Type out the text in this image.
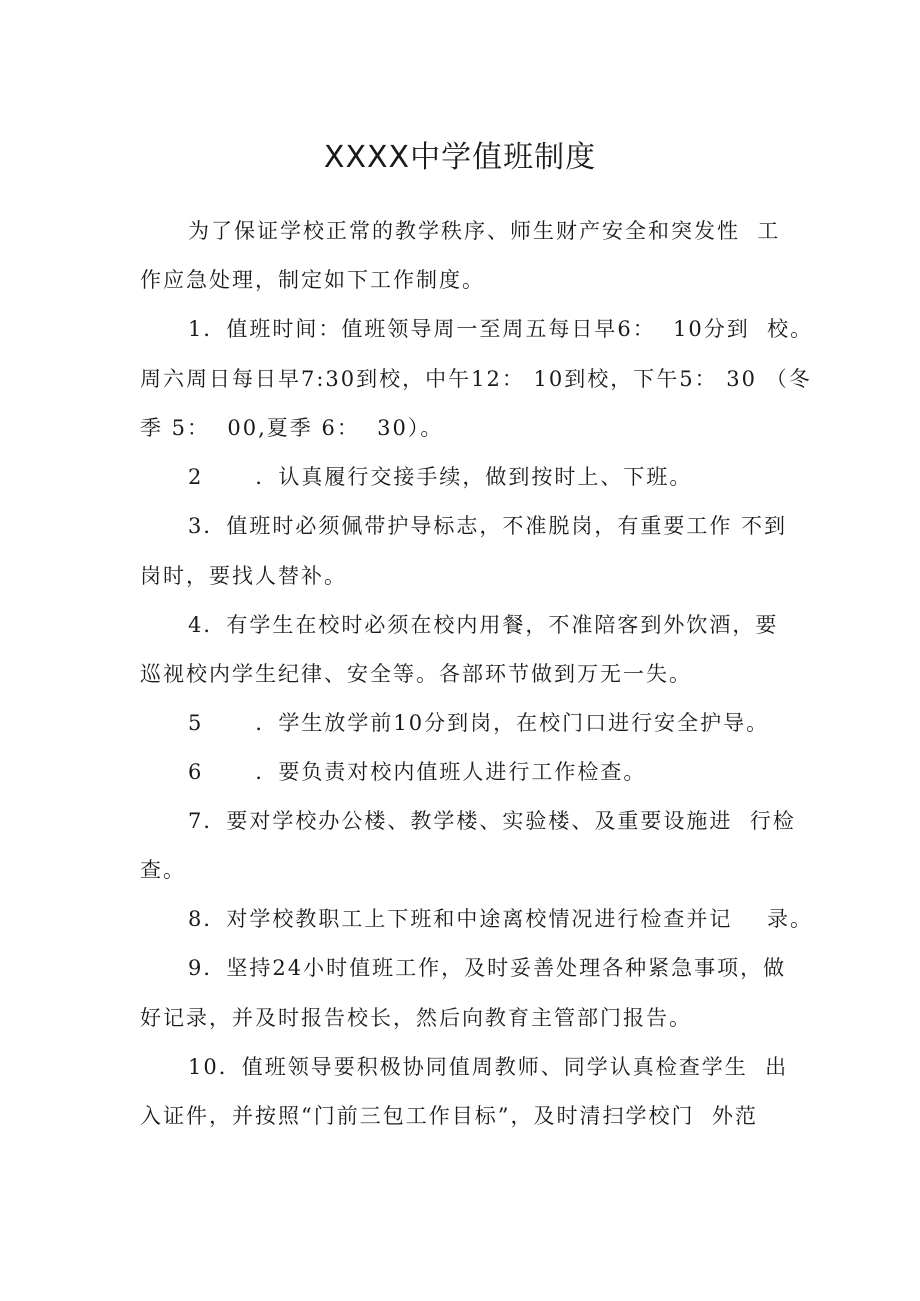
XXXX中学值班制度
为了保证学校正常的教学秩序、师生财产安全和突发性  工
作应急处理，制定如下工作制度。
1．值班时间：值班领导周一至周五每日早6：  10分到  校。
周六周日每日早7:30到校，中午12： 10到校，下午5： 30 （冬
季 5：  00,夏季 6：  30）。
2      ．认真履行交接手续，做到按时上、下班。
3．值班时必须佩带护导标志，不准脱岗，有重要工作 不到
岗时，要找人替补。
4．有学生在校时必须在校内用餐，不准陪客到外饮酒，要
巡视校内学生纪律、安全等。各部环节做到万无一失。
5      ．学生放学前10分到岗，在校门口进行安全护导。
6      ．要负责对校内值班人进行工作检查。
7．要对学校办公楼、教学楼、实验楼、及重要设施进  行检
查。
8．对学校教职工上下班和中途离校情况进行检查并记    录。
9．坚持24小时值班工作，及时妥善处理各种紧急事项，做
好记录，并及时报告校长，然后向教育主管部门报告。
10．值班领导要积极协同值周教师、同学认真检查学生  出
入证件，并按照“门前三包工作目标”，及时清扫学校门  外范
